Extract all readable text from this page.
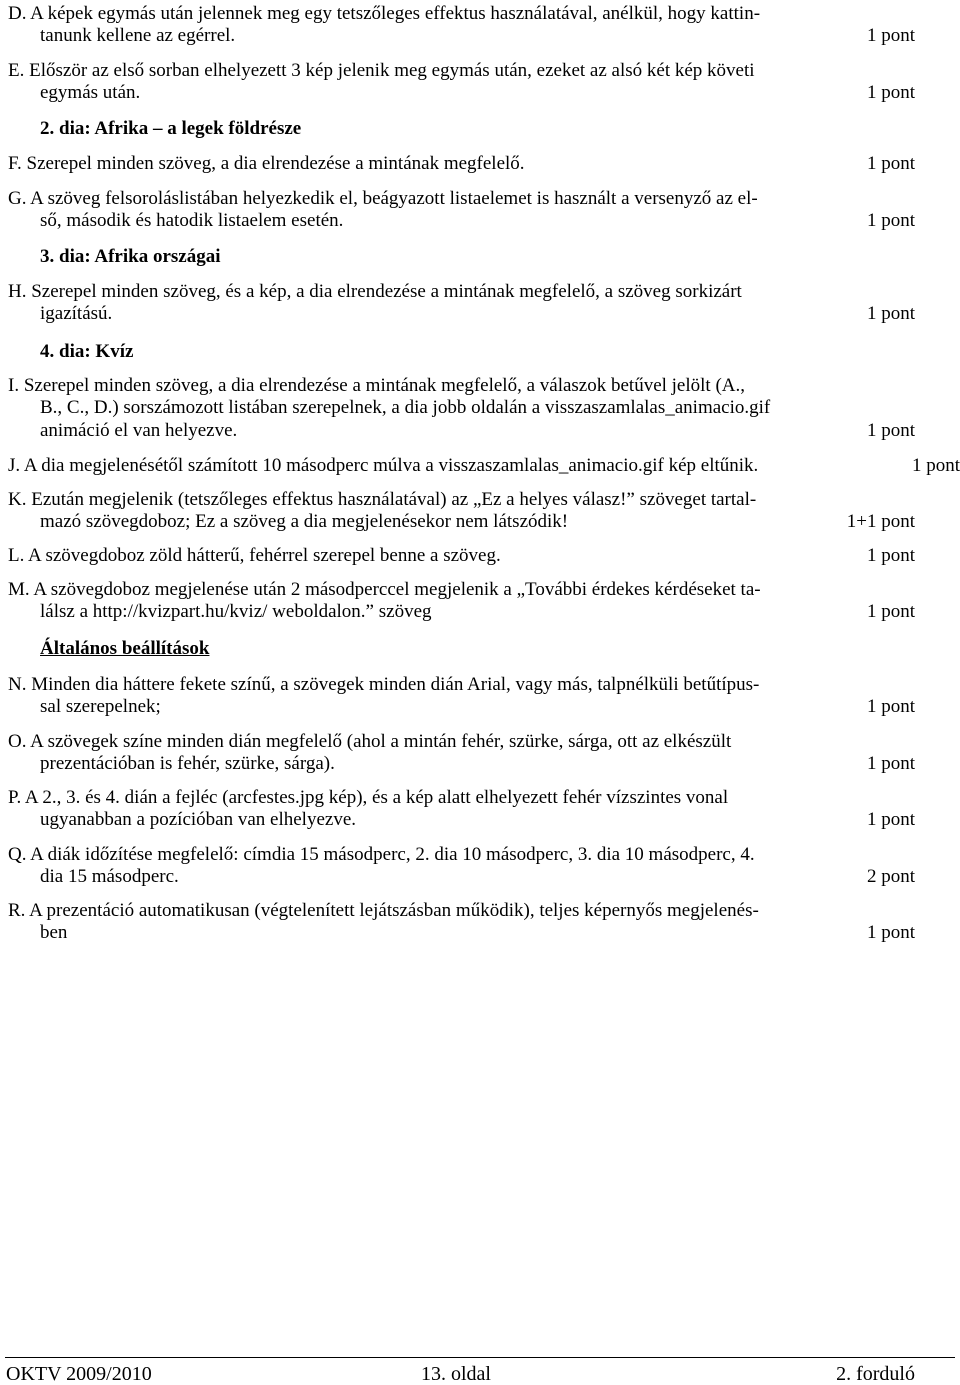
D. A képek egymás után jelennek meg egy tetszőleges effektus használatával, anélkül, hogy kattin-
tanunk kellene az egérrel.	1 pont
E. Először az első sorban elhelyezett 3 kép jelenik meg egymás után, ezeket az alsó két kép követi
egymás után.	1 pont
2. dia: Afrika – a legek földrésze
F. Szerepel minden szöveg, a dia elrendezése a mintának megfelelő.	1 pont
G. A szöveg felsoroláslistában helyezkedik el, beágyazott listaelemet is használt a versenyző az el-
ső, második és hatodik listaelem esetén.	1 pont
3. dia: Afrika országai
H. Szerepel minden szöveg, és a kép, a dia elrendezése a mintának megfelelő, a szöveg sorkizárt
igazítású.	1 pont
4. dia: Kvíz
I. Szerepel minden szöveg, a dia elrendezése a mintának megfelelő, a válaszok betűvel jelölt (A.,
B., C., D.) sorszámozott listában szerepelnek, a dia jobb oldalán a visszaszamlalas_animacio.gif
animáció el van helyezve.	1 pont
J. A dia megjelenésétől számított 10 másodperc múlva a visszaszamlalas_animacio.gif kép eltűnik.	1 pont
K. Ezután megjelenik (tetszőleges effektus használatával) az „Ez a helyes válasz!” szöveget tartal-
mazó szövegdoboz; Ez a szöveg a dia megjelenésekor nem látszódik!	1+1 pont
L. A szövegdoboz zöld hátterű, fehérrel szerepel benne a szöveg.	1 pont
M. A szövegdoboz megjelenése után 2 másodperccel megjelenik a „További érdekes kérdéseket ta-
lálsz a http://kvizpart.hu/kviz/ weboldalon.” szöveg	1 pont
Általános beállítások
N. Minden dia háttere fekete színű, a szövegek minden dián Arial, vagy más, talpnélküli betűtípus-
sal szerepelnek;	1 pont
O. A szövegek színe minden dián megfelelő (ahol a mintán fehér, szürke, sárga, ott az elkészült
prezentációban is fehér, szürke, sárga).	1 pont
P. A 2., 3. és 4. dián a fejléc (arcfestes.jpg kép), és a kép alatt elhelyezett fehér vízszintes vonal
ugyanabban a pozícióban van elhelyezve.	1 pont
Q. A diák időzítése megfelelő: címdia 15 másodperc, 2. dia 10 másodperc, 3. dia 10 másodperc, 4.
dia 15 másodperc.	2 pont
R. A prezentáció automatikusan (végtelenített lejátszásban működik), teljes képernyős megjelenés-
ben	1 pont
OKTV 2009/2010	13. oldal	2. forduló
